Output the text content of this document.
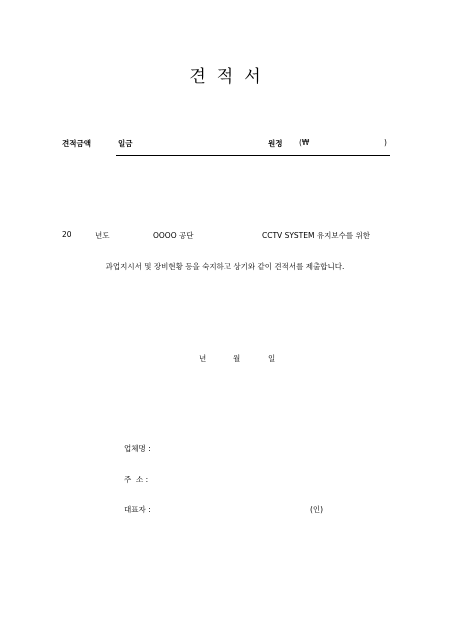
견적서
견적금액	일금	원정 (₩	)
20	년도	OOOO 공단	CCTV SYSTEM 유지보수를 위한
과업지시서 및 장비현황 등을 숙지하고 상기와 같이 견적서를 제출합니다.
년	월	일
업체명 :
주  소 :
대표자 :	(인)
